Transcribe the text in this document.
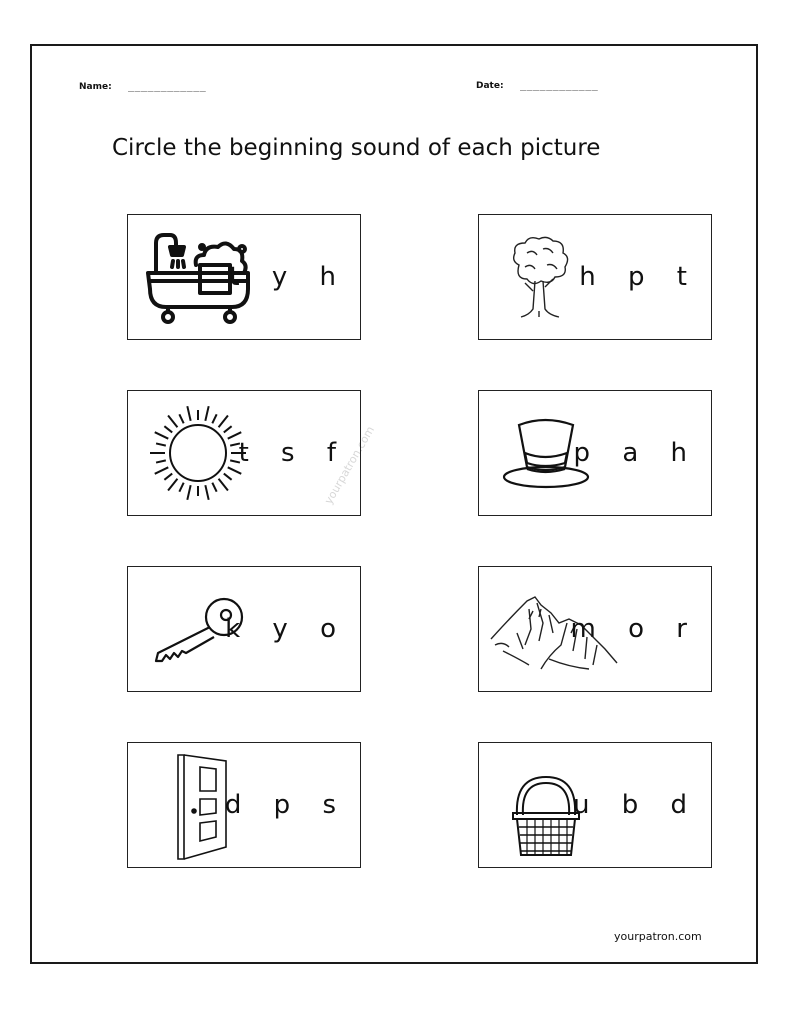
Name: ____________	Date: ____________
Circle the beginning sound of each picture
yourpatron.com
t y h	h p t
t s f	p a h
k y o	m o r
d p s	u b d
yourpatron.com
